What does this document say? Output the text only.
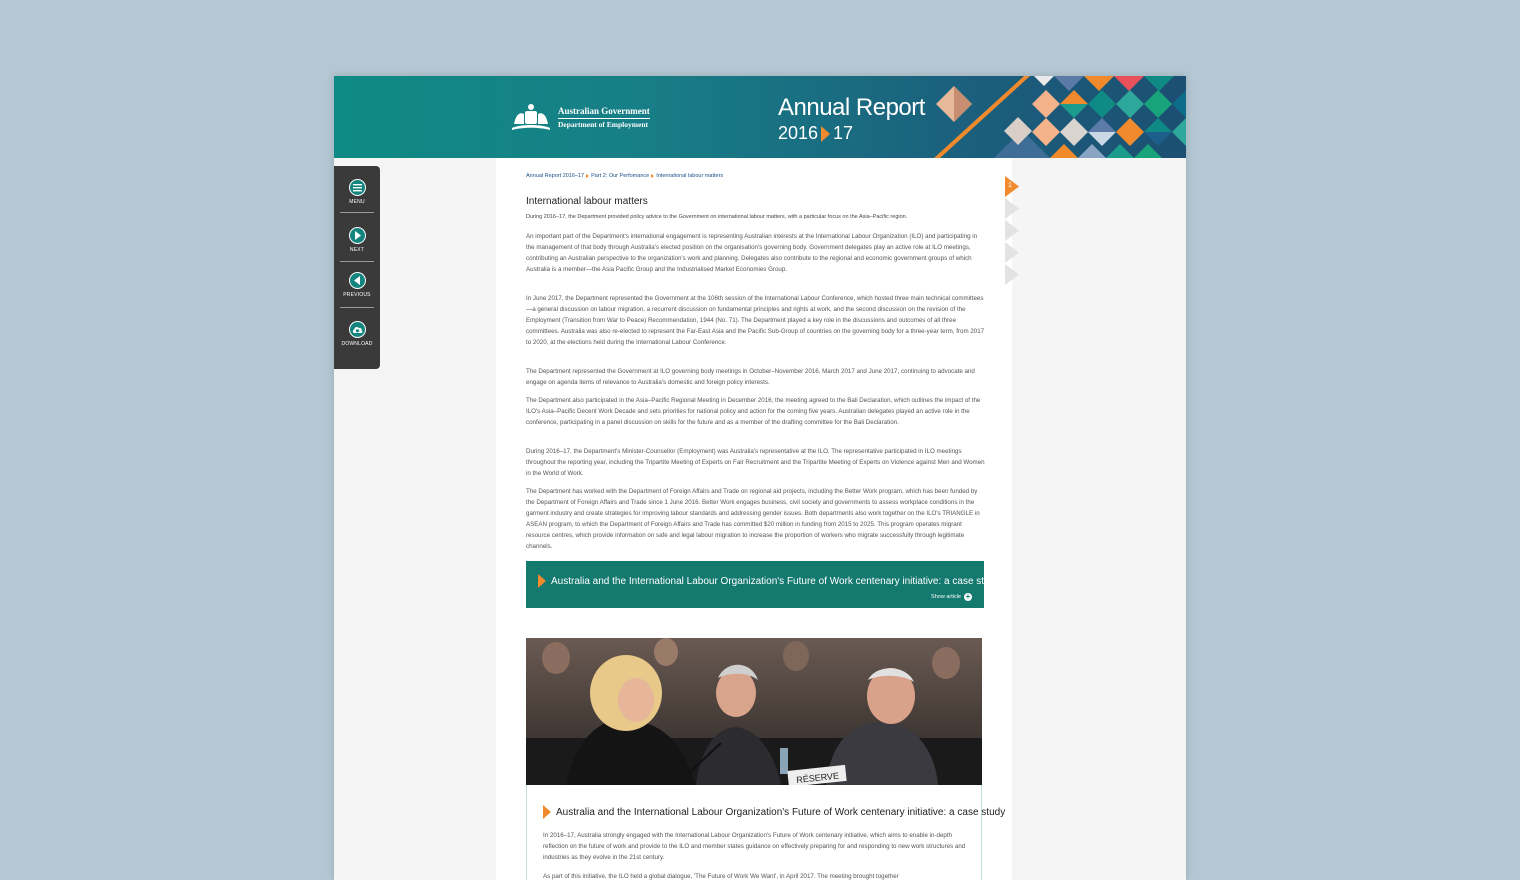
Australian Government
Department of Employment
Annual Report
2016 17
MENU
NEXT
PREVIOUS
DOWNLOAD
Annual Report 2016–17 Part 2: Our Perfomance International labour matters
International labour matters
During 2016–17, the Department provided policy advice to the Government on international labour matters, with a particular focus on the Asia–Pacific region.
An important part of the Department's international engagement is representing Australian interests at the International Labour Organization (ILO) and participating in the management of that body through Australia's elected position on the organisation's governing body. Government delegates play an active role at ILO meetings, contributing an Australian perspective to the organization's work and planning. Delegates also contribute to the regional and economic government groups of which Australia is a member—the Asia Pacific Group and the Industrialised Market Economies Group.
In June 2017, the Department represented the Government at the 106th session of the International Labour Conference, which hosted three main technical committees—a general discussion on labour migration, a recurrent discussion on fundamental principles and rights at work, and the second discussion on the revision of the Employment (Transition from War to Peace) Recommendation, 1944 (No. 71). The Department played a key role in the discussions and outcomes of all three committees. Australia was also re-elected to represent the Far-East Asia and the Pacific Sub-Group of countries on the governing body for a three-year term, from 2017 to 2020, at the elections held during the International Labour Conference.
The Department represented the Government at ILO governing body meetings in October–November 2016, March 2017 and June 2017, continuing to advocate and engage on agenda items of relevance to Australia's domestic and foreign policy interests.
The Department also participated in the Asia–Pacific Regional Meeting in December 2016; the meeting agreed to the Bali Declaration, which outlines the impact of the ILO's Asia–Pacific Decent Work Decade and sets priorities for national policy and action for the coming five years. Australian delegates played an active role in the conference, participating in a panel discussion on skills for the future and as a member of the drafting committee for the Bali Declaration.
During 2016–17, the Department's Minister-Counsellor (Employment) was Australia's representative at the ILO. The representative participated in ILO meetings throughout the reporting year, including the Tripartite Meeting of Experts on Fair Recruitment and the Tripartite Meeting of Experts on Violence against Men and Women in the World of Work.
The Department has worked with the Department of Foreign Affairs and Trade on regional aid projects, including the Better Work program, which has been funded by the Department of Foreign Affairs and Trade since 1 June 2016. Better Work engages business, civil society and governments to assess workplace conditions in the garment industry and create strategies for improving labour standards and addressing gender issues. Both departments also work together on the ILO's TRIANGLE in ASEAN program, to which the Department of Foreign Affairs and Trade has committed $20 million in funding from 2015 to 2025. This program operates migrant resource centres, which provide information on safe and legal labour migration to increase the proportion of workers who migrate successfully through legitimate channels.
Australia and the International Labour Organization's Future of Work centenary initiative: a case study
Show article +
RÉSERVE
Australia and the International Labour Organization's Future of Work centenary initiative: a case study
In 2016–17, Australia strongly engaged with the International Labour Organization's Future of Work centenary initiative, which aims to enable in-depth reflection on the future of work and provide to the ILO and member states guidance on effectively preparing for and responding to new work structures and industries as they evolve in the 21st century.
As part of this initiative, the ILO held a global dialogue, 'The Future of Work We Want', in April 2017. The meeting brought together
1
